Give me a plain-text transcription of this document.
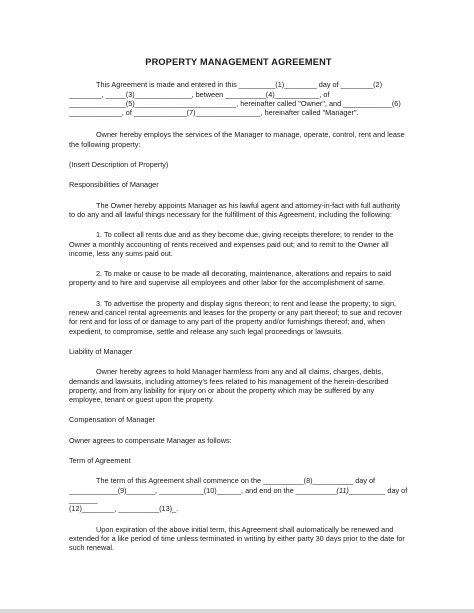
PROPERTY MANAGEMENT AGREEMENT

This Agreement is made and entered in this _________(1)________ day of ________(2)

________, _____(3)______________, between __________(4)___________, of

______________(5)_________________________, hereinafter called "Owner", and ____________(6)

_____________, of _____________(7)________________, hereinafter called "Manager".

Owner hereby employs the services of the Manager to manage, operate, control, rent and lease the following property:

(Insert Description of Property)

Responsibilities of Manager

The Owner hereby appoints Manager as his lawful agent and attorney-in-fact with full authority to do any and all lawful things necessary for the fulfillment of this Agreement, including the following:

1. To collect all rents due and as they become due, giving receipts therefore; to render to the Owner a monthly accounting of rents received and expenses paid out; and to remit to the Owner all income, less any sums paid out.

2. To make or cause to be made all decorating, maintenance, alterations and repairs to said property and to hire and supervise all employees and other labor for the accomplishment of same.

3. To advertise the property and display signs thereon; to rent and lease the property; to sign, renew and cancel rental agreements and leases for the property or any part thereof; to sue and recover for rent and for loss of or damage to any part of the property and/or furnishings thereof; and, when expedient, to compromise, settle and release any such legal proceedings or lawsuits.

Liability of Manager

Owner hereby agrees to hold Manager harmless from any and all claims, charges, debts, demands and lawsuits, including attorney's fees related to his management of the herein-described property, and from any liability for injury on or about the property which may be suffered by any employee, tenant or guest upon the property.

Compensation of Manager

Owner agrees to compensate Manager as follows:

Term of Agreement

The term of this Agreement shall commence on the __________(8)__________ day of

____________(9)_______, ___________(10)______, and end on the __________(11)_________ day of _______

(12)________, __________(13)_.

Upon expiration of the above initial term, this Agreement shall automatically be renewed and extended for a like period of time unless terminated in writing by either party 30 days prior to the date for such renewal.
